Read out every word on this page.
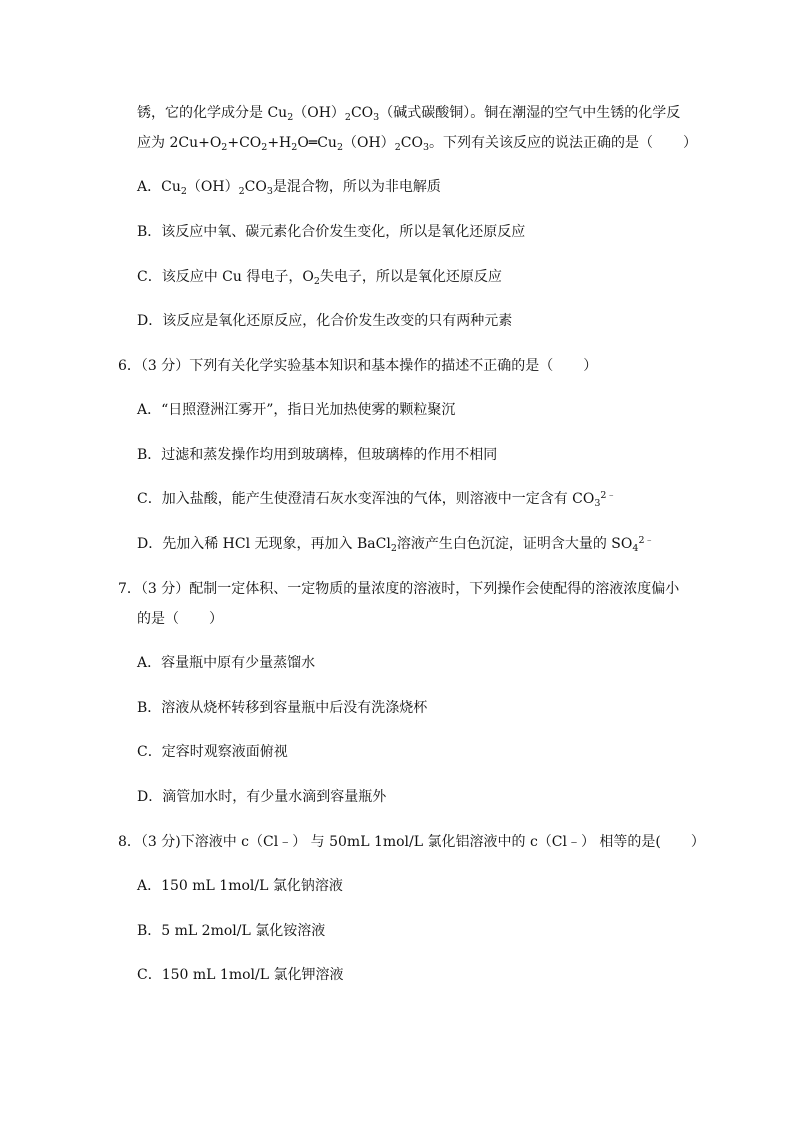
锈，它的化学成分是 $Cu_2(OH)_2CO_3$（碱式碳酸铜）。铜在潮湿的空气中生锈的化学反
应为 $2Cu+O_2+CO_2+H_2O═Cu_2(OH)_2CO_3$。下列有关该反应的说法正确的是（ ）
A．$Cu_2(OH)_2CO_3$是混合物，所以为非电解质
B．该反应中氧、碳元素化合价发生变化，所以是氧化还原反应
C．该反应中 Cu 得电子，$O_2$失电子，所以是氧化还原反应
D．该反应是氧化还原反应，化合价发生改变的只有两种元素
6．（3 分）下列有关化学实验基本知识和基本操作的描述不正确的是（ ）
A．“日照澄洲江雾开”，指日光加热使雾的颗粒聚沉
B．过滤和蒸发操作均用到玻璃棒，但玻璃棒的作用不相同
C．加入盐酸，能产生使澄清石灰水变浑浊的气体，则溶液中一定含有 $CO_3^{2﹣}$
D．先加入稀 HCl 无现象，再加入 BaCl$_2$溶液产生白色沉淀，证明含大量的 $SO_4^{2﹣}$
7．（3 分）配制一定体积、一定物质的量浓度的溶液时，下列操作会使配得的溶液浓度偏小
的是（ ）
A．容量瓶中原有少量蒸馏水
B．溶液从烧杯转移到容量瓶中后没有洗涤烧杯
C．定容时观察液面俯视
D．滴管加水时，有少量水滴到容量瓶外
8．（3 分)下溶液中 c（Cl﹣） 与 50mL 1mol/L 氯化铝溶液中的 c（Cl﹣） 相等的是( ）
A．150 mL 1mol/L 氯化钠溶液
B．5 mL 2mol/L 氯化铵溶液
C．150 mL 1mol/L 氯化钾溶液
